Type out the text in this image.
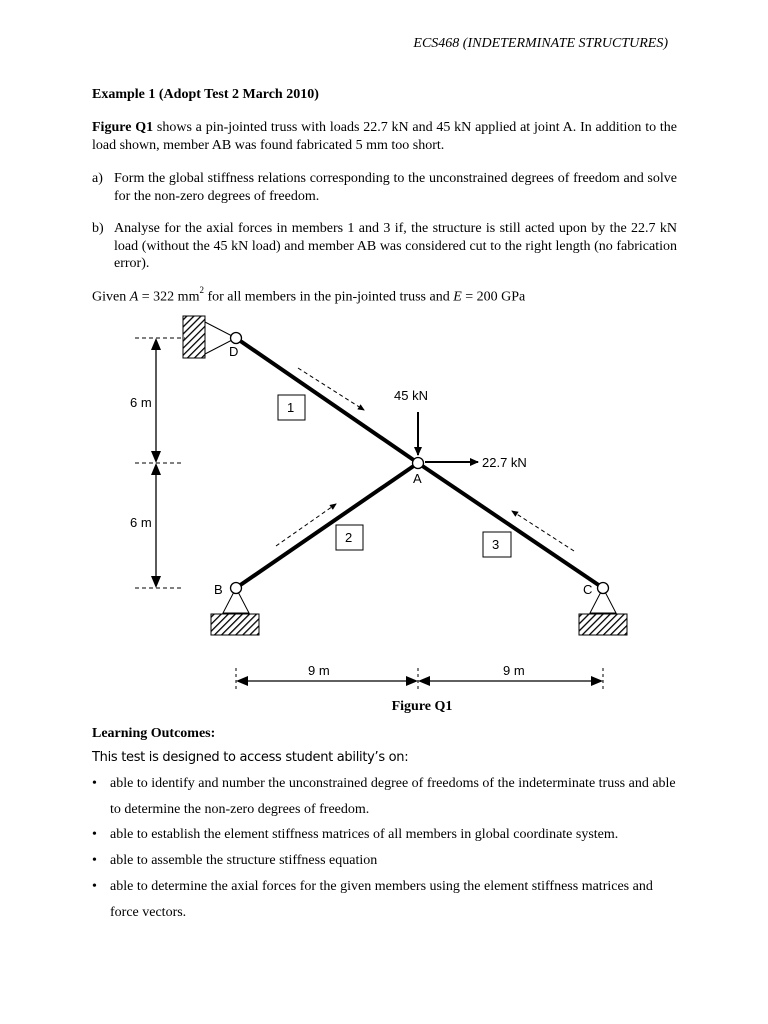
ECS468 (INDETERMINATE STRUCTURES)
Example 1 (Adopt Test 2 March 2010)
Figure Q1 shows a pin-jointed truss with loads 22.7 kN and 45 kN applied at joint A. In addition to the load shown, member AB was found fabricated 5 mm too short.
a) Form the global stiffness relations corresponding to the unconstrained degrees of freedom and solve for the non-zero degrees of freedom.
b) Analyse for the axial forces in members 1 and 3 if, the structure is still acted upon by the 22.7 kN load (without the 45 kN load) and member AB was considered cut to the right length (no fabrication error).
Given A = 322 $mm^2$ for all members in the pin-jointed truss and E = 200 GPa
D
A
B	C
1
2	3
45 kN
22.7 kN
6 m
6 m
9 m	9 m
Figure Q1
Learning Outcomes:
This test is designed to access student ability’s on:
• able to identify and number the unconstrained degree of freedoms of the indeterminate truss and able to determine the non-zero degrees of freedom.
• able to establish the element stiffness matrices of all members in global coordinate system.
• able to assemble the structure stiffness equation
• able to determine the axial forces for the given members using the element stiffness matrices and force vectors.
